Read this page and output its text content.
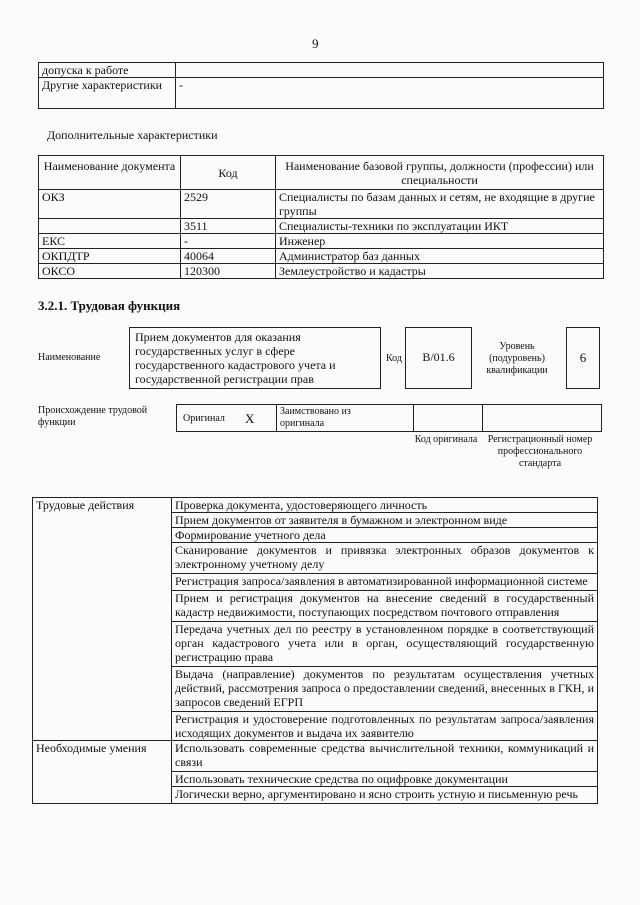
9
допуска к работе	
Другие характеристики	-
Дополнительные характеристики
Наименование документа	Код	Наименование базовой группы, должности (профессии) или специальности
ОКЗ	2529	Специалисты по базам данных и сетям, не входящие в другие группы
	3511	Специалисты-техники по эксплуатации ИКТ
ЕКС	-	Инженер
ОКПДТР	40064	Администратор баз данных
ОКСО	120300	Землеустройство и кадастры
3.2.1. Трудовая функция
Наименование
Прием документов для оказания государственных услуг в сфере государственного кадастрового учета и государственной регистрации прав
Код	В/01.6
Уровень (подуровень) квалификации
6
Происхождение трудовой функции	Оригинал X	Заимствовано из оригинала
Код оригинала	Регистрационный номер профессионального стандарта
Трудовые действия	Проверка документа, удостоверяющего личность
	Прием документов от заявителя в бумажном и электронном виде
	Формирование учетного дела
	Сканирование документов и привязка электронных образов документов к электронному учетному делу
	Регистрация запроса/заявления в автоматизированной информационной системе
	Прием и регистрация документов на внесение сведений в государственный кадастр недвижимости, поступающих посредством почтового отправления
	Передача учетных дел по реестру в установленном порядке в соответствующий орган кадастрового учета или в орган, осуществляющий государственную регистрацию права
	Выдача (направление) документов по результатам осуществления учетных действий, рассмотрения запроса о предоставлении сведений, внесенных в ГКН, и запросов сведений ЕГРП
	Регистрация и удостоверение подготовленных по результатам запроса/заявления исходящих документов и выдача их заявителю
Необходимые умения	Использовать современные средства вычислительной техники, коммуникаций и связи
	Использовать технические средства по оцифровке документации
	Логически верно, аргументировано и ясно строить устную и письменную речь
